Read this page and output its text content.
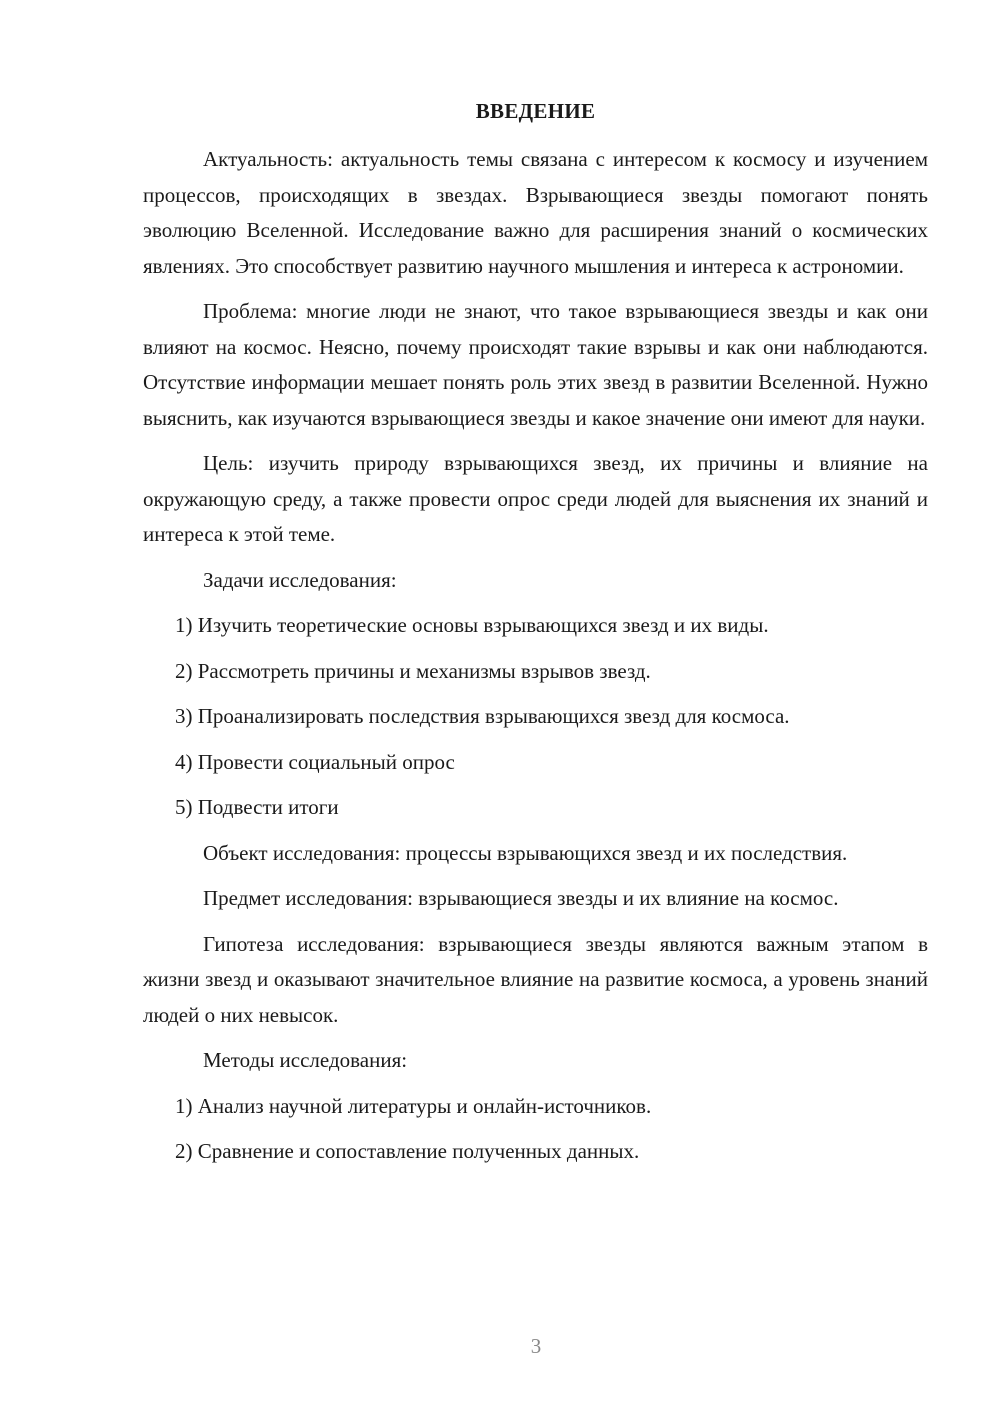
ВВЕДЕНИЕ

Актуальность: актуальность темы связана с интересом к космосу и изучением процессов, происходящих в звездах. Взрывающиеся звезды помогают понять эволюцию Вселенной. Исследование важно для расширения знаний о космических явлениях. Это способствует развитию научного мышления и интереса к астрономии.

Проблема: многие люди не знают, что такое взрывающиеся звезды и как они влияют на космос. Неясно, почему происходят такие взрывы и как они наблюдаются. Отсутствие информации мешает понять роль этих звезд в развитии Вселенной. Нужно выяснить, как изучаются взрывающиеся звезды и какое значение они имеют для науки.

Цель: изучить природу взрывающихся звезд, их причины и влияние на окружающую среду, а также провести опрос среди людей для выяснения их знаний и интереса к этой теме.

Задачи исследования:

1) Изучить теоретические основы взрывающихся звезд и их виды.

2) Рассмотреть причины и механизмы взрывов звезд.

3) Проанализировать последствия взрывающихся звезд для космоса.

4) Провести социальный опрос

5) Подвести итоги

Объект исследования: процессы взрывающихся звезд и их последствия.

Предмет исследования: взрывающиеся звезды и их влияние на космос.

Гипотеза исследования: взрывающиеся звезды являются важным этапом в жизни звезд и оказывают значительное влияние на развитие космоса, а уровень знаний людей о них невысок.

Методы исследования:

1) Анализ научной литературы и онлайн-источников.

2) Сравнение и сопоставление полученных данных.

3
